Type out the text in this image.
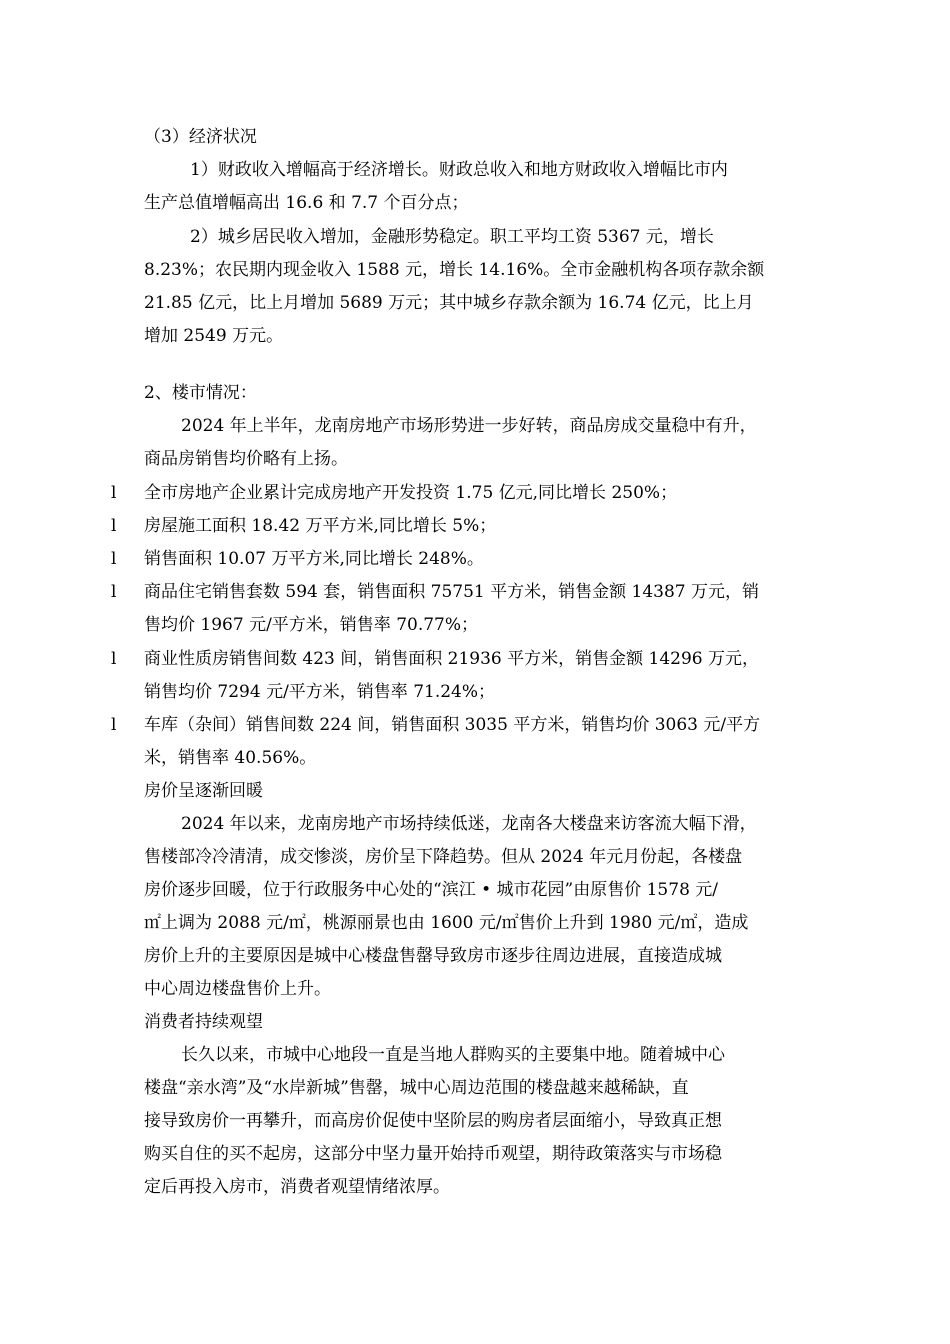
（3）经济状况
1）财政收入增幅高于经济增长。财政总收入和地方财政收入增幅比市内
生产总值增幅高出 16.6 和 7.7 个百分点；
2）城乡居民收入增加，金融形势稳定。职工平均工资 5367 元，增长
8.23%；农民期内现金收入 1588 元，增长 14.16%。全市金融机构各项存款余额
21.85 亿元，比上月增加 5689 万元；其中城乡存款余额为 16.74 亿元，比上月
增加 2549 万元。
2、楼市情况：
2024 年上半年，龙南房地产市场形势进一步好转，商品房成交量稳中有升，
商品房销售均价略有上扬。
l 全市房地产企业累计完成房地产开发投资 1.75 亿元,同比增长 250%；
l 房屋施工面积 18.42 万平方米,同比增长 5%；
l 销售面积 10.07 万平方米,同比增长 248%。
l 商品住宅销售套数 594 套，销售面积 75751 平方米，销售金额 14387 万元，销
售均价 1967 元/平方米，销售率 70.77%；
l 商业性质房销售间数 423 间，销售面积 21936 平方米，销售金额 14296 万元，
销售均价 7294 元/平方米，销售率 71.24%；
l 车库（杂间）销售间数 224 间，销售面积 3035 平方米，销售均价 3063 元/平方
米，销售率 40.56%。
房价呈逐渐回暖
2024 年以来，龙南房地产市场持续低迷，龙南各大楼盘来访客流大幅下滑，
售楼部冷冷清清，成交惨淡，房价呈下降趋势。但从 2024 年元月份起，各楼盘
房价逐步回暖，位于行政服务中心处的“滨江 • 城市花园”由原售价 1578 元/
㎡上调为 2088 元/㎡，桃源丽景也由 1600 元/㎡售价上升到 1980 元/㎡，造成
房价上升的主要原因是城中心楼盘售罄导致房市逐步往周边进展，直接造成城
中心周边楼盘售价上升。
消费者持续观望
长久以来，市城中心地段一直是当地人群购买的主要集中地。随着城中心
楼盘“亲水湾”及“水岸新城”售罄，城中心周边范围的楼盘越来越稀缺，直
接导致房价一再攀升，而高房价促使中坚阶层的购房者层面缩小，导致真正想
购买自住的买不起房，这部分中坚力量开始持币观望，期待政策落实与市场稳
定后再投入房市，消费者观望情绪浓厚。
